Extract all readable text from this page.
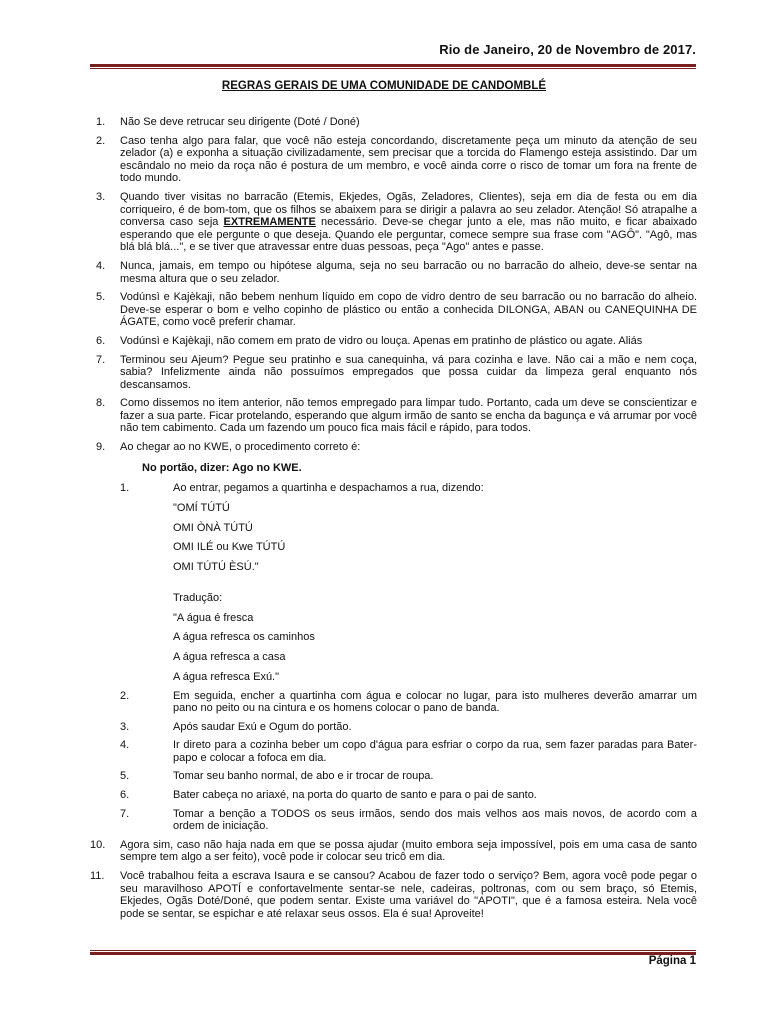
Rio de Janeiro, 20 de Novembro de 2017.
REGRAS GERAIS DE UMA COMUNIDADE DE CANDOMBLÉ
1. Não Se deve retrucar seu dirigente (Doté / Doné)

2. Caso tenha algo para falar, que você não esteja concordando, discretamente peça um minuto da atenção de seu zelador (a) e exponha a situação civilizadamente, sem precisar que a torcida do Flamengo esteja assistindo. Dar um escândalo no meio da roça não é postura de um membro, e você ainda corre o risco de tomar um fora na frente de todo mundo.

3. Quando tiver visitas no barracão (Etemis, Ekjedes, Ogãs, Zeladores, Clientes), seja em dia de festa ou em dia corriqueiro, é de bom-tom, que os filhos se abaixem para se dirigir a palavra ao seu zelador. Atenção! Só atrapalhe a conversa caso seja EXTREMAMENTE necessário. Deve-se chegar junto a ele, mas não muito, e ficar abaixado esperando que ele pergunte o que deseja. Quando ele perguntar, comece sempre sua frase com "AGÔ". "Agô, mas blá blá blá...", e se tiver que atravessar entre duas pessoas, peça "Ago" antes e passe.

4. Nunca, jamais, em tempo ou hipótese alguma, seja no seu barracão ou no barracão do alheio, deve-se sentar na mesma altura que o seu zelador.

5. Vodúnsì e Kajèkaji, não bebem nenhum líquido em copo de vidro dentro de seu barracão ou no barracão do alheio. Deve-se esperar o bom e velho copinho de plástico ou então a conhecida DILONGA, ABAN ou CANEQUINHA DE ÁGATE, como você preferir chamar.

6. Vodúnsì e Kajèkaji, não comem em prato de vidro ou louça. Apenas em pratinho de plástico ou agate. Aliás

7. Terminou seu Ajeum? Pegue seu pratinho e sua canequinha, vá para cozinha e lave. Não cai a mão e nem coça, sabia? Infelizmente ainda não possuímos empregados que possa cuidar da limpeza geral enquanto nós descansamos.

8. Como dissemos no item anterior, não temos empregado para limpar tudo. Portanto, cada um deve se conscientizar e fazer a sua parte. Ficar protelando, esperando que algum irmão de santo se encha da bagunça e vá arrumar por você não tem cabimento. Cada um fazendo um pouco fica mais fácil e rápido, para todos.

9. Ao chegar ao no KWE, o procedimento correto é:

No portão, dizer: Ago no KWE.
1.	Ao entrar, pegamos a quartinha e despachamos a rua, dizendo:

"OMÍ TÚTÚ
OMI ÒNÀ TÚTÚ
OMI ILÉ ou Kwe TÚTÚ
OMI TÚTÚ ÈSÚ."
Tradução:
"A água é fresca
A água refresca os caminhos
A água refresca a casa
A água refresca Exú."
2.	Em seguida, encher a quartinha com água e colocar no lugar, para isto mulheres deverão amarrar um pano no peito ou na cintura e os homens colocar o pano de banda.

3.	Após saudar Exú e Ogum do portão.

4.	Ir direto para a cozinha beber um copo d'água para esfriar o corpo da rua, sem fazer paradas para Bater-papo e colocar a fofoca em dia.

5.	Tomar seu banho normal, de abo e ir trocar de roupa.

6.	Bater cabeça no ariaxé, na porta do quarto de santo e para o pai de santo.

7.	Tomar a benção a TODOS os seus irmãos, sendo dos mais velhos aos mais novos, de acordo com a ordem de iniciação.

10. Agora sim, caso não haja nada em que se possa ajudar (muito embora seja impossível, pois em uma casa de santo sempre tem algo a ser feito), você pode ir colocar seu tricô em dia.

11. Você trabalhou feita a escrava Isaura e se cansou? Acabou de fazer todo o serviço? Bem, agora você pode pegar o seu maravilhoso APOTÍ e confortavelmente sentar-se nele, cadeiras, poltronas, com ou sem braço, só Etemis, Ekjedes, Ogãs Doté/Doné, que podem sentar. Existe uma variável do "APOTI", que é a famosa esteira. Nela você pode se sentar, se espichar e até relaxar seus ossos. Ela é sua! Aproveite!

Página 1
